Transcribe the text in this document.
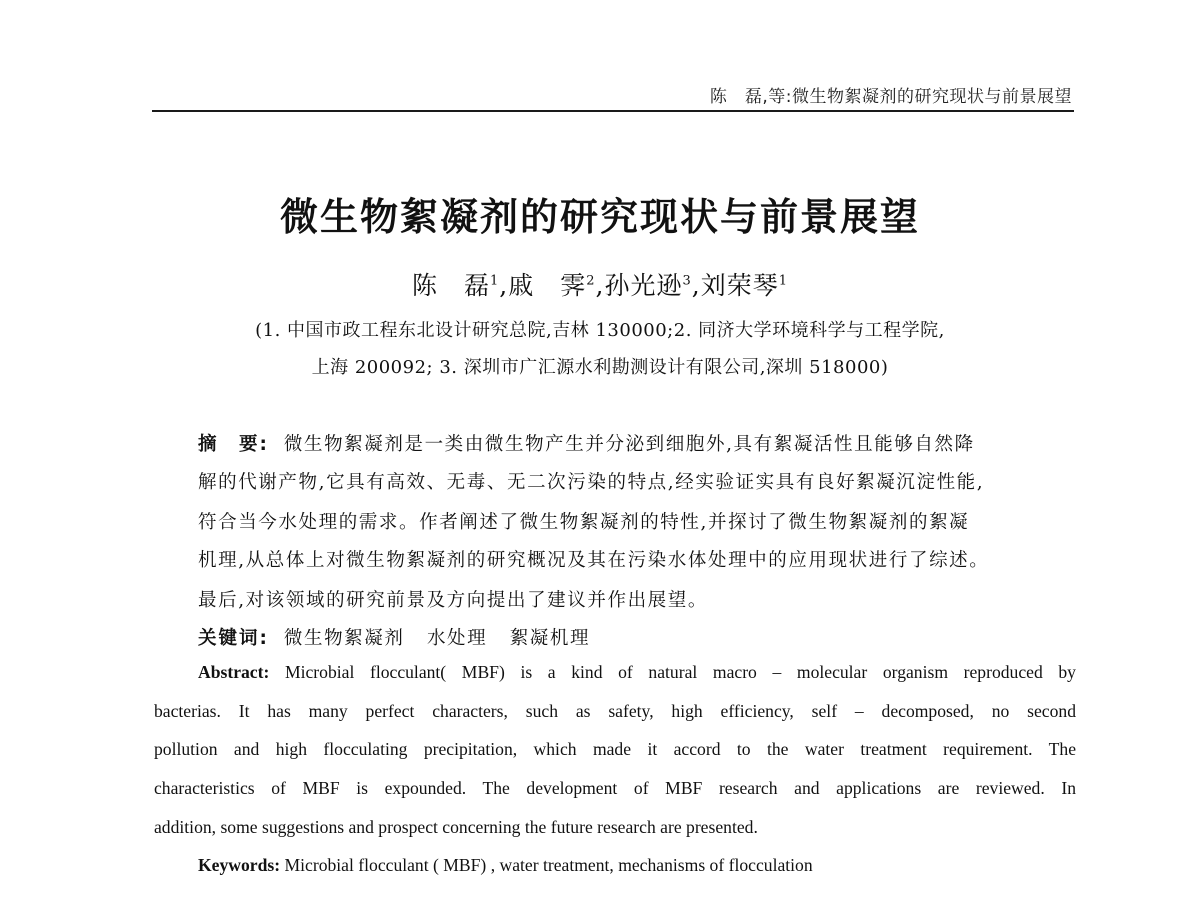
陈　磊,等:微生物絮凝剂的研究现状与前景展望
微生物絮凝剂的研究现状与前景展望
陈　磊$^1$,戚　霁$^2$,孙光逊$^3$,刘荣琴$^1$
(1. 中国市政工程东北设计研究总院,吉林 130000;2. 同济大学环境科学与工程学院,
上海 200092; 3. 深圳市广汇源水利勘测设计有限公司,深圳 518000)
摘　要: 微生物絮凝剂是一类由微生物产生并分泌到细胞外,具有絮凝活性且能够自然降
解的代谢产物,它具有高效、无毒、无二次污染的特点,经实验证实具有良好絮凝沉淀性能,
符合当今水处理的需求。作者阐述了微生物絮凝剂的特性,并探讨了微生物絮凝剂的絮凝
机理,从总体上对微生物絮凝剂的研究概况及其在污染水体处理中的应用现状进行了综述。
最后,对该领域的研究前景及方向提出了建议并作出展望。
关键词: 微生物絮凝剂 水处理 絮凝机理
Abstract: Microbial flocculant( MBF) is a kind of natural macro – molecular organism reproduced by
bacterias. It has many perfect characters, such as safety, high efficiency, self – decomposed, no second
pollution and high flocculating precipitation, which made it accord to the water treatment requirement. The
characteristics of MBF is expounded. The development of MBF research and applications are reviewed. In
addition, some suggestions and prospect concerning the future research are presented.
Keywords: Microbial flocculant ( MBF) , water treatment, mechanisms of flocculation
